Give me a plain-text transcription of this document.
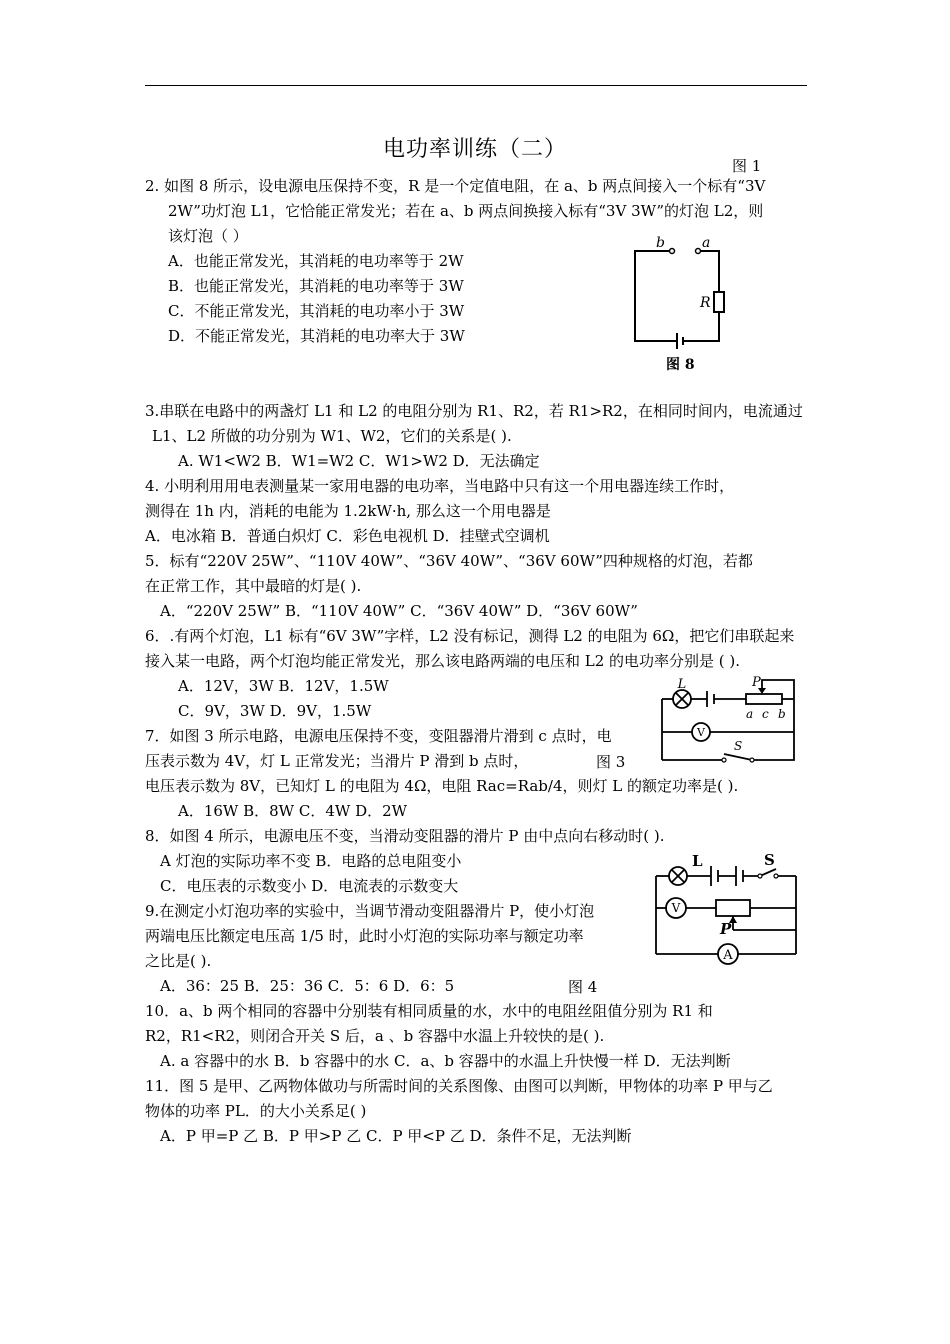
电功率训练（二）
2. 如图 8 所示，设电源电压保持不变，R 是一个定值电阻，在 a、b 两点间接入一个标有“3V
2W”功灯泡 L1，它恰能正常发光；若在 a、b 两点间换接入标有“3V 3W”的灯泡 L2，则
该灯泡（ ）
A．也能正常发光，其消耗的电功率等于 2W
B．也能正常发光，其消耗的电功率等于 3W
C．不能正常发光，其消耗的电功率小于 3W
D．不能正常发光，其消耗的电功率大于 3W
图 1
b	a
R
图 8
3.串联在电路中的两盏灯 L1 和 L2 的电阻分别为 R1、R2，若 R1>R2，在相同时间内，电流通过
L1、L2 所做的功分别为 W1、W2，它们的关系是( ).
A. W1<W2 B．W1=W2 C．W1>W2 D．无法确定
4. 小明利用用电表测量某一家用电器的电功率，当电路中只有这一个用电器连续工作时，
测得在 1h 内，消耗的电能为 1.2kW·h, 那么这一个用电器是
A．电冰箱 B．普通白炽灯 C．彩色电视机 D．挂壁式空调机
5．标有“220V 25W”、“110V 40W”、“36V 40W”、“36V 60W”四种规格的灯泡，若都
在正常工作，其中最暗的灯是( ).
A．“220V 25W” B．“110V 40W” C．“36V 40W” D．“36V 60W”
6．.有两个灯泡，L1 标有“6V 3W”字样，L2 没有标记，测得 L2 的电阻为 6Ω，把它们串联起来
接入某一电路，两个灯泡均能正常发光，那么该电路两端的电压和 L2 的电功率分别是 ( ).
A．12V，3W B．12V，1.5W
C．9V，3W D．9V，1.5W
L	P
a c b
V
S
7．如图 3 所示电路，电源电压保持不变，变阻器滑片滑到 c 点时，电
压表示数为 4V，灯 L 正常发光；当滑片 P 滑到 b 点时，	图 3
电压表示数为 8V，已知灯 L 的电阻为 4Ω，电阻 Rac=Rab/4，则灯 L 的额定功率是( ).
A．16W B．8W C．4W D．2W
8．如图 4 所示，电源电压不变，当滑动变阻器的滑片 P 由中点向右移动时( ).
A 灯泡的实际功率不变 B．电路的总电阻变小
C．电压表的示数变小 D．电流表的示数变大
L	S
V
P
A
9.在测定小灯泡功率的实验中，当调节滑动变阻器滑片 P，使小灯泡
两端电压比额定电压高 1/5 时，此时小灯泡的实际功率与额定功率
之比是( ).
A．36：25 B．25：36 C．5：6 D．6：5	图 4
10．a、b 两个相同的容器中分别装有相同质量的水，水中的电阻丝阻值分别为 R1 和
R2，R1<R2，则闭合开关 S 后，a 、b 容器中水温上升较快的是( ).
A. a 容器中的水 B．b 容器中的水 C．a、b 容器中的水温上升快慢一样 D．无法判断
11．图 5 是甲、乙两物体做功与所需时间的关系图像、由图可以判断，甲物体的功率 P 甲与乙
物体的功率 PL．的大小关系足( )
A．P 甲=P 乙 B．P 甲>P 乙 C．P 甲<P 乙 D．条件不足，无法判断
